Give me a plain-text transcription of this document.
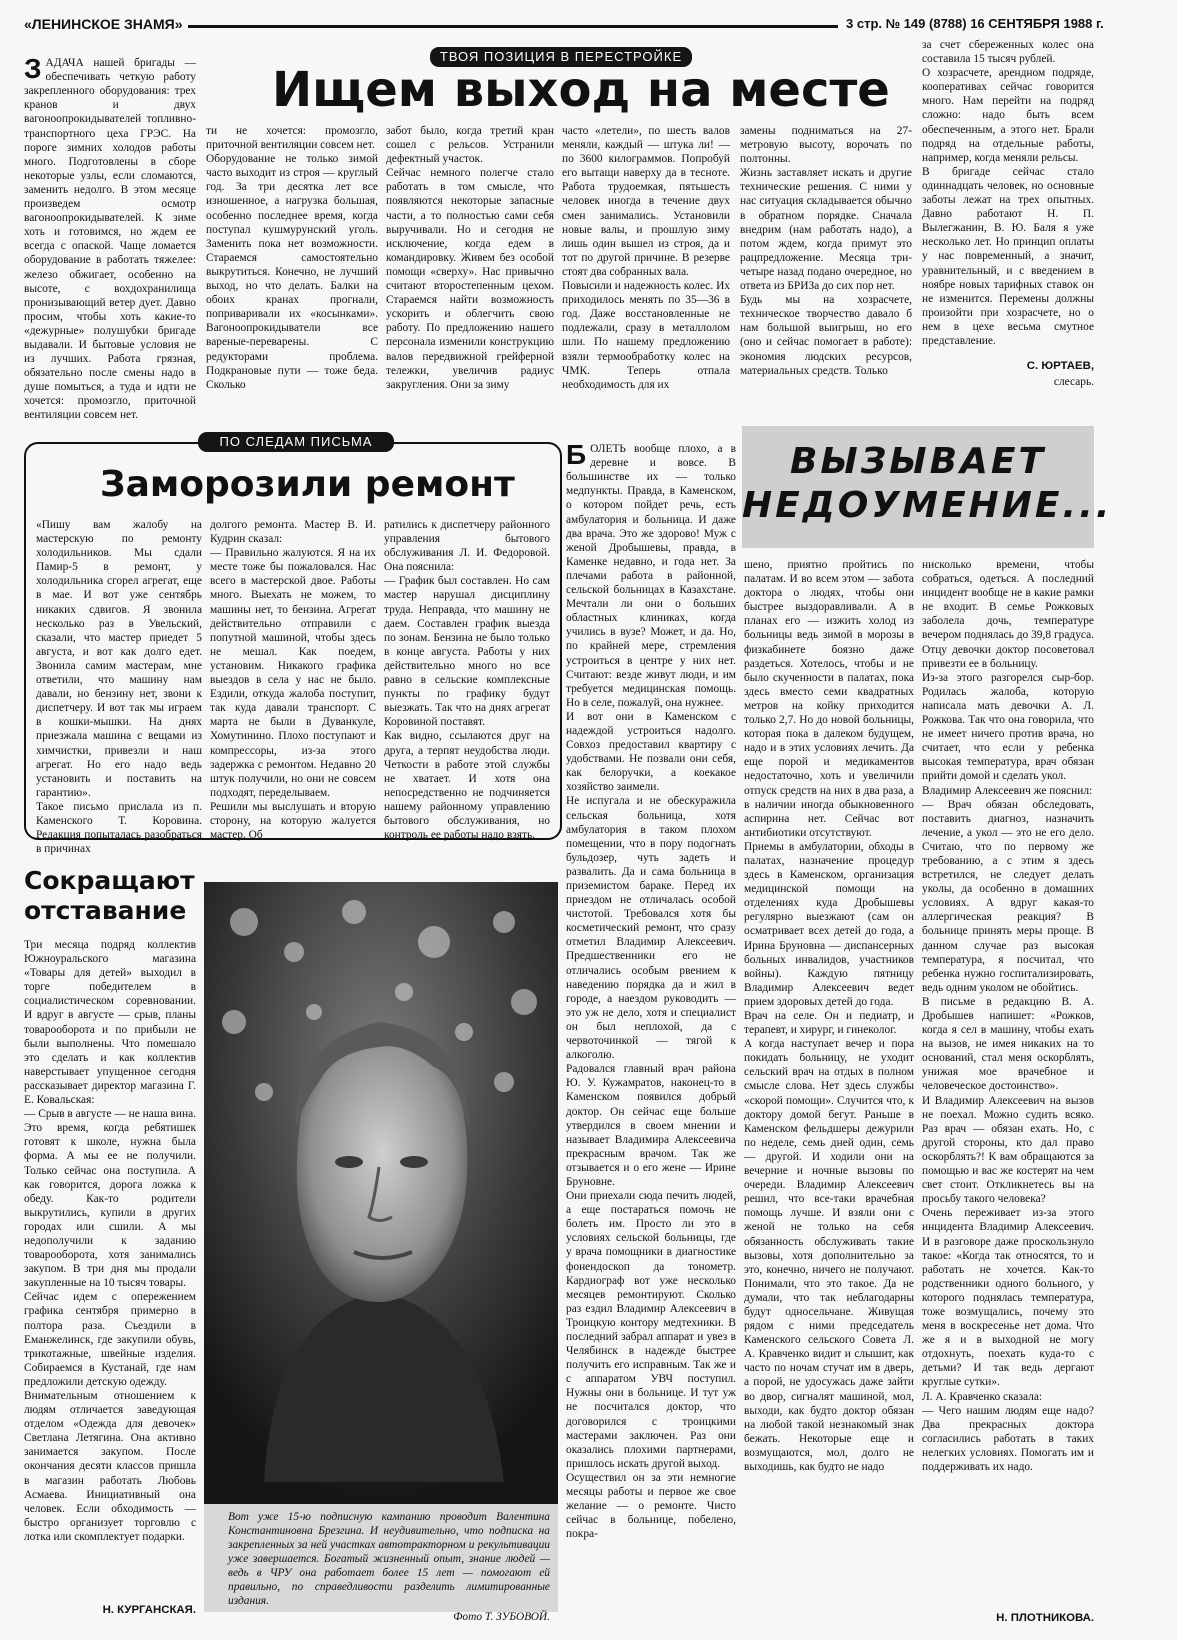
«ЛЕНИНСКОЕ ЗНАМЯ»	3 стр. № 149 (8788) 16 СЕНТЯБРЯ 1988 г.

ЗАДАЧА нашей бригады —обеспечивать четкую работу закрепленного оборудования: трех кранов и двух вагоноопрокидывателей топливно-транспортного цеха ГРЭС. На пороге зимних холодов работы много. Подготовлены в сборе некоторые узлы, если сломаются, заменить недолго. В этом месяце произведем осмотр вагоноопрокидывателей. К зиме хоть и готовимся, но ждем ее всегда с опаской. Чаще ломается оборудование в работать тяжелее: железо обжигает, особенно на высоте, с вохдохранилища пронизывающий ветер дует. Давно просим, чтобы хоть какие-то «дежурные» полушубки бригаде выдавали. И бытовые условия не из лучших. Работа грязная, обязательно после смены надо в душе помыться, а туда и идти не хочется: промозгло, приточной вентиляции совсем нет.

ТВОЯ ПОЗИЦИЯ В ПЕРЕСТРОЙКЕ
Ищем выход на месте
ти не хочется: промозгло, приточной вентиляции совсем нет.
Оборудование не только зимой часто выходит из строя — круглый год. За три десятка лет все изношенное, а нагрузка большая, особенно последнее время, когда поступал кушмурунский уголь. Заменить пока нет возможности. Стараемся самостоятельно выкрутиться. Конечно, не лучший выход, но что делать. Балки на обоих кранах прогнали, поприваривали их «косынками». Вагоноопрокидыватели все вареные-переварены. С редукторами проблема. Подкрановые пути — тоже беда. Сколько
забот было, когда третий кран сошел с рельсов. Устранили дефектный участок.
Сейчас немного полегче стало работать в том смысле, что появляются некоторые запасные части, а то полностью сами себя выручивали. Но и сегодня не исключение, когда едем в командировку. Живем без особой помощи «сверху». Нас привычно считают второстепенным цехом. Стараемся найти возможность ускорить и облегчить свою работу. По предложению нашего персонала изменили конструкцию валов передвижной грейферной тележки, увеличив радиус закругления. Они за зиму
часто «летели», по шесть валов меняли, каждый — штука ли! — по 3600 килограммов. Попробуй его вытащи наверху да в тесноте. Работа трудоемкая, пятьшесть человек иногда в течение двух смен занимались. Установили новые валы, и прошлую зиму лишь один вышел из строя, да и тот по другой причине. В резерве стоят два собранных вала.
Повысили и надежность колес. Их приходилось менять по 35—36 в год. Даже восстановленные не подлежали, сразу в металлолом шли. По нашему предложению взяли термообработку колес на ЧМК. Теперь отпала необходимость для их
замены подниматься на 27-метровую высоту, ворочать по полтонны.
Жизнь заставляет искать и другие технические решения. С ними у нас ситуация складывается обычно в обратном порядке. Сначала внедрим (нам работать надо), а потом ждем, когда примут это рацпредложение. Месяца три-четыре назад подано очередное, но ответа из БРИЗа до сих пор нет.
Будь мы на хозрасчете, техническое творчество давало б нам большой выигрыш, но его (оно и сейчас помогает в работе): экономия людских ресурсов, материальных средств. Только
за счет сбереженных колес она составила 15 тысяч рублей.
О хозрасчете, арендном подряде, кооперативах сейчас говорится много. Нам перейти на подряд сложно: надо быть всем обеспеченным, а этого нет. Брали подряд на отдельные работы, например, когда меняли рельсы.
В бригаде сейчас стало одиннадцать человек, но основные заботы лежат на трех опытных. Давно работают Н. П. Вылегжанин, В. Ю. Баля я уже несколько лет. Но принцип оплаты у нас повременный, а значит, уравнительный, и с введением в ноябре новых тарифных ставок он не изменится. Перемены должны произойти при хозрасчете, но о нем в цехе весьма смутное представление.
С. ЮРТАЕВ,
слесарь.
ПО СЛЕДАМ ПИСЬМА
Заморозили ремонт
«Пишу вам жалобу на мастерскую по ремонту холодильников. Мы сдали Памир-5 в ремонт, у холодильника сгорел агрегат, еще в мае. И вот уже сентябрь никаких сдвигов. Я звонила несколько раз в Увельский, сказали, что мастер приедет 5 августа, и вот как долго едет. Звонила самим мастерам, мне ответили, что машину нам давали, но бензину нет, звони к диспетчеру. И вот так мы играем в кошки-мышки. На днях приезжала машина с вещами из химчистки, привезли и наш агрегат. Но его надо ведь установить и поставить на гарантию».
Такое письмо прислала из п. Каменского Т. Коровина. Редакция попыталась разобраться в причинах
долгого ремонта. Мастер В. И. Кудрин сказал:
— Правильно жалуются. Я на их месте тоже бы пожаловался. Нас всего в мастерской двое. Работы много. Выехать не можем, то машины нет, то бензина. Агрегат действительно отправили с попутной машиной, чтобы здесь не мешал. Как поедем, установим. Никакого графика выездов в села у нас не было. Ездили, откуда жалоба поступит, так куда давали транспорт. С марта не были в Дуванкуле, Хомутинино. Плохо поступают и компрессоры, из-за этого задержка с ремонтом. Недавно 20 штук получили, но они не совсем подходят, переделываем.
Решили мы выслушать и вторую сторону, на которую жалуется мастер. Об
ратились к диспетчеру районного управления бытового обслуживания Л. И. Федоровой. Она пояснила:
— График был составлен. Но сам мастер нарушал дисциплину труда. Неправда, что машину не даем. Составлен график выезда по зонам. Бензина не было только в конце августа. Работы у них действительно много но все равно в сельские комплексные пункты по графику будут выезжать. Так что на днях агрегат Коровиной поставят.
Как видно, ссылаются друг на друга, а терпят неудобства люди. Четкости в работе этой службы не хватает. И хотя она непосредственно не подчиняется нашему районному управлению бытового обслуживания, но контроль ее работы надо взять.
Сокращают
отставание
Три месяца подряд коллектив Южноуральского магазина «Товары для детей» выходил в торге победителем в социалистическом соревновании. И вдруг в августе — срыв, планы товарооборота и по прибыли не были выполнены. Что помешало это сделать и как коллектив наверстывает упущенное сегодня рассказывает директор магазина Г. Е. Ковальская:
— Срыв в августе — не наша вина. Это время, когда ребятишек готовят к школе, нужна была форма. А мы ее не получили. Только сейчас она поступила. А как говорится, дорога ложка к обеду. Как-то родители выкрутились, купили в других городах или сшили. А мы недополучили к заданию товарооборота, хотя занимались закупом. В три дня мы продали закупленные на 10 тысяч товары.
Сейчас идем с опережением графика сентября примерно в полтора раза. Съездили в Еманжелинск, где закупили обувь, трикотажные, швейные изделия. Собираемся в Кустанай, где нам предложили детскую одежду.
Внимательным отношением к людям отличается заведующая отделом «Одежда для девочек» Светлана Летягина. Она активно занимается закупом. После окончания десяти классов пришла в магазин работать Любовь Асмаева. Инициативный она человек. Если обходимость — быстро организует торговлю с лотка или скомплектует подарки.
Н. КУРГАНСКАЯ.
Вот уже 15-ю подписную кампанию проводит Валентина Константиновна Брезгина. И неудивительно, что подписка на закрепленных за ней участках автотракторном и рекультивации уже завершается. Богатый жизненный опыт, знание людей — ведь в ЧРУ она работает более 15 лет — помогают ей правильно, по справедливости разделить лимитированные издания.
Фото Т. ЗУБОВОЙ.
ВЫЗЫВАЕТ
НЕДОУМЕНИЕ...

БОЛЕТЬ вообще плохо, а в деревне и вовсе. В большинстве их — только медпункты. Правда, в Каменском, о котором пойдет речь, есть амбулатория и больница. И даже два врача. Это же здорово! Муж с женой Дробышевы, правда, в Каменке недавно, и года нет. За плечами работа в районной, сельской больницах в Казахстане. Мечтали ли они о больших областных клиниках, когда учились в вузе? Может, и да. Но, по крайней мере, стремления устроиться в центре у них нет. Считают: везде живут люди, и им требуется медицинская помощь. Но в селе, пожалуй, она нужнее.
И вот они в Каменском с надеждой устроиться надолго. Совхоз предоставил квартиру с удобствами. Не позвали они себя, как белоручки, а коекакое хозяйство заимели.
Не испугала и не обескуражила сельская больница, хотя амбулатория в таком плохом помещении, что в пору подогнать бульдозер, чуть задеть и развалить. Да и сама больница в приземистом бараке. Перед их приездом не отличалась особой чистотой. Требовался хотя бы косметический ремонт, что сразу отметил Владимир Алексеевич. Предшественники его не отличались особым рвением к наведению порядка да и жил в городе, а наездом руководить — это уж не дело, хотя и специалист он был неплохой, да с червоточинкой — тягой к алкоголю.
Радовался главный врач района Ю. У. Кужамратов, наконец-то в Каменском появился добрый доктор. Он сейчас еще больше утвердился в своем мнении и называет Владимира Алексеевича прекрасным врачом. Так же отзывается и о его жене — Ирине Бруновне.
Они приехали сюда печить людей, а еще постараться помочь не болеть им. Просто ли это в условиях сельской больницы, где у врача помощники в диагностике фонендоскоп да тонометр. Кардиограф вот уже несколько месяцев ремонтируют. Сколько раз ездил Владимир Алексеевич в Троицкую контору медтехники. В последний забрал аппарат и увез в Челябинск в надежде быстрее получить его исправным. Так же и с аппаратом УВЧ поступил. Нужны они в больнице. И тут уж не посчитался доктор, что договорился с троицкими мастерами заключен. Раз они оказались плохими партнерами, пришлось искать другой выход.
Осуществил он за эти немногие месяцы работы и первое же свое желание — о ремонте. Чисто сейчас в больнице, побелено, покра-

шено, приятно пройтись по палатам. И во всем этом — забота доктора о людях, чтобы они быстрее выздоравливали. А в планах его — изжить холод из больницы ведь зимой в морозы в физкабинете боязно даже раздеться. Хотелось, чтобы и не было скученности в палатах, пока здесь вместо семи квадратных метров на койку приходится только 2,7. Но до новой больницы, которая пока в далеком будущем, надо и в этих условиях лечить. Да еще порой и медикаментов недостаточно, хоть и увеличили отпуск средств на них в два раза, а в наличии иногда обыкновенного аспирина нет. Сейчас вот антибиотики отсутствуют.
Приемы в амбулатории, обходы в палатах, назначение процедур здесь в Каменском, организация медицинской помощи на отделениях куда Дробышевы регулярно выезжают (сам он осматривает всех детей до года, а Ирина Бруновна — диспансерных больных инвалидов, участников войны). Каждую пятницу Владимир Алексеевич ведет прием здоровых детей до года.
Врач на селе. Он и педиатр, и терапевт, и хирург, и гинеколог.
А когда наступает вечер и пора покидать больницу, не уходит сельский врач на отдых в полном смысле слова. Нет здесь службы «скорой помощи». Случится что, к доктору домой бегут. Раньше в Каменском фельдшеры дежурили по неделе, семь дней один, семь — другой. И ходили они на вечерние и ночные вызовы по очереди. Владимир Алексеевич решил, что все-таки врачебная помощь лучше. И взяли они с женой не только на себя обязанность обслуживать такие вызовы, хотя дополнительно за это, конечно, ничего не получают. Понимали, что это такое. Да не думали, что так неблагодарны будут односельчане. Живущая рядом с ними председатель Каменского сельского Совета Л. А. Кравченко видит и слышит, как часто по ночам стучат им в дверь, а порой, не удосужась даже зайти во двор, сигналят машиной, мол, выходи, как будто доктор обязан на любой такой незнакомый знак бежать. Некоторые еще и возмущаются, мол, долго не выходишь, как будто не надо
нисколько времени, чтобы собраться, одеться. А последний инцидент вообще не в какие рамки не входит. В семье Рожковых заболела дочь, температуре вечером поднялась до 39,8 градуса. Отцу девочки доктор посоветовал привезти ее в больницу.
Из-за этого разгорелся сыр-бор. Родилась жалоба, которую написала мать девочки А. Л. Рожкова. Так что она говорила, что не имеет ничего против врача, но считает, что если у ребенка высокая температура, врач обязан прийти домой и сделать укол.
Владимир Алексеевич же пояснил:
— Врач обязан обследовать, поставить диагноз, назначить лечение, а укол — это не его дело. Считаю, что по первому же требованию, а с этим я здесь встретился, не следует делать уколы, да особенно в домашних условиях. А вдруг какая-то аллергическая реакция? В больнице принять меры проще. В данном случае раз высокая температура, я посчитал, что ребенка нужно госпитализировать, ведь одним уколом не обойтись.
В письме в редакцию В. А. Дробышев напишет: «Рожков, когда я сел в машину, чтобы ехать на вызов, не имея никаких на то оснований, стал меня оскорблять, унижая мое врачебное и человеческое достоинство».
И Владимир Алексеевич на вызов не поехал. Можно судить всяко. Раз врач — обязан ехать. Но, с другой стороны, кто дал право оскорблять?! К вам обращаются за помощью и вас же костерят на чем свет стоит. Откликнетесь вы на просьбу такого человека?
Очень переживает из-за этого инцидента Владимир Алексеевич. И в разговоре даже проскользнуло такое: «Когда так относятся, то и работать не хочется. Как-то родственники одного больного, у которого поднялась температура, тоже возмущались, почему это меня в воскресенье нет дома. Что же я и в выходной не могу отдохнуть, поехать куда-то с детьми? И так ведь дергают круглые сутки».
Л. А. Кравченко сказала:
— Чего нашим людям еще надо? Два прекрасных доктора согласились работать в таких нелегких условиях. Помогать им и поддерживать их надо.
Н. ПЛОТНИКОВА.
